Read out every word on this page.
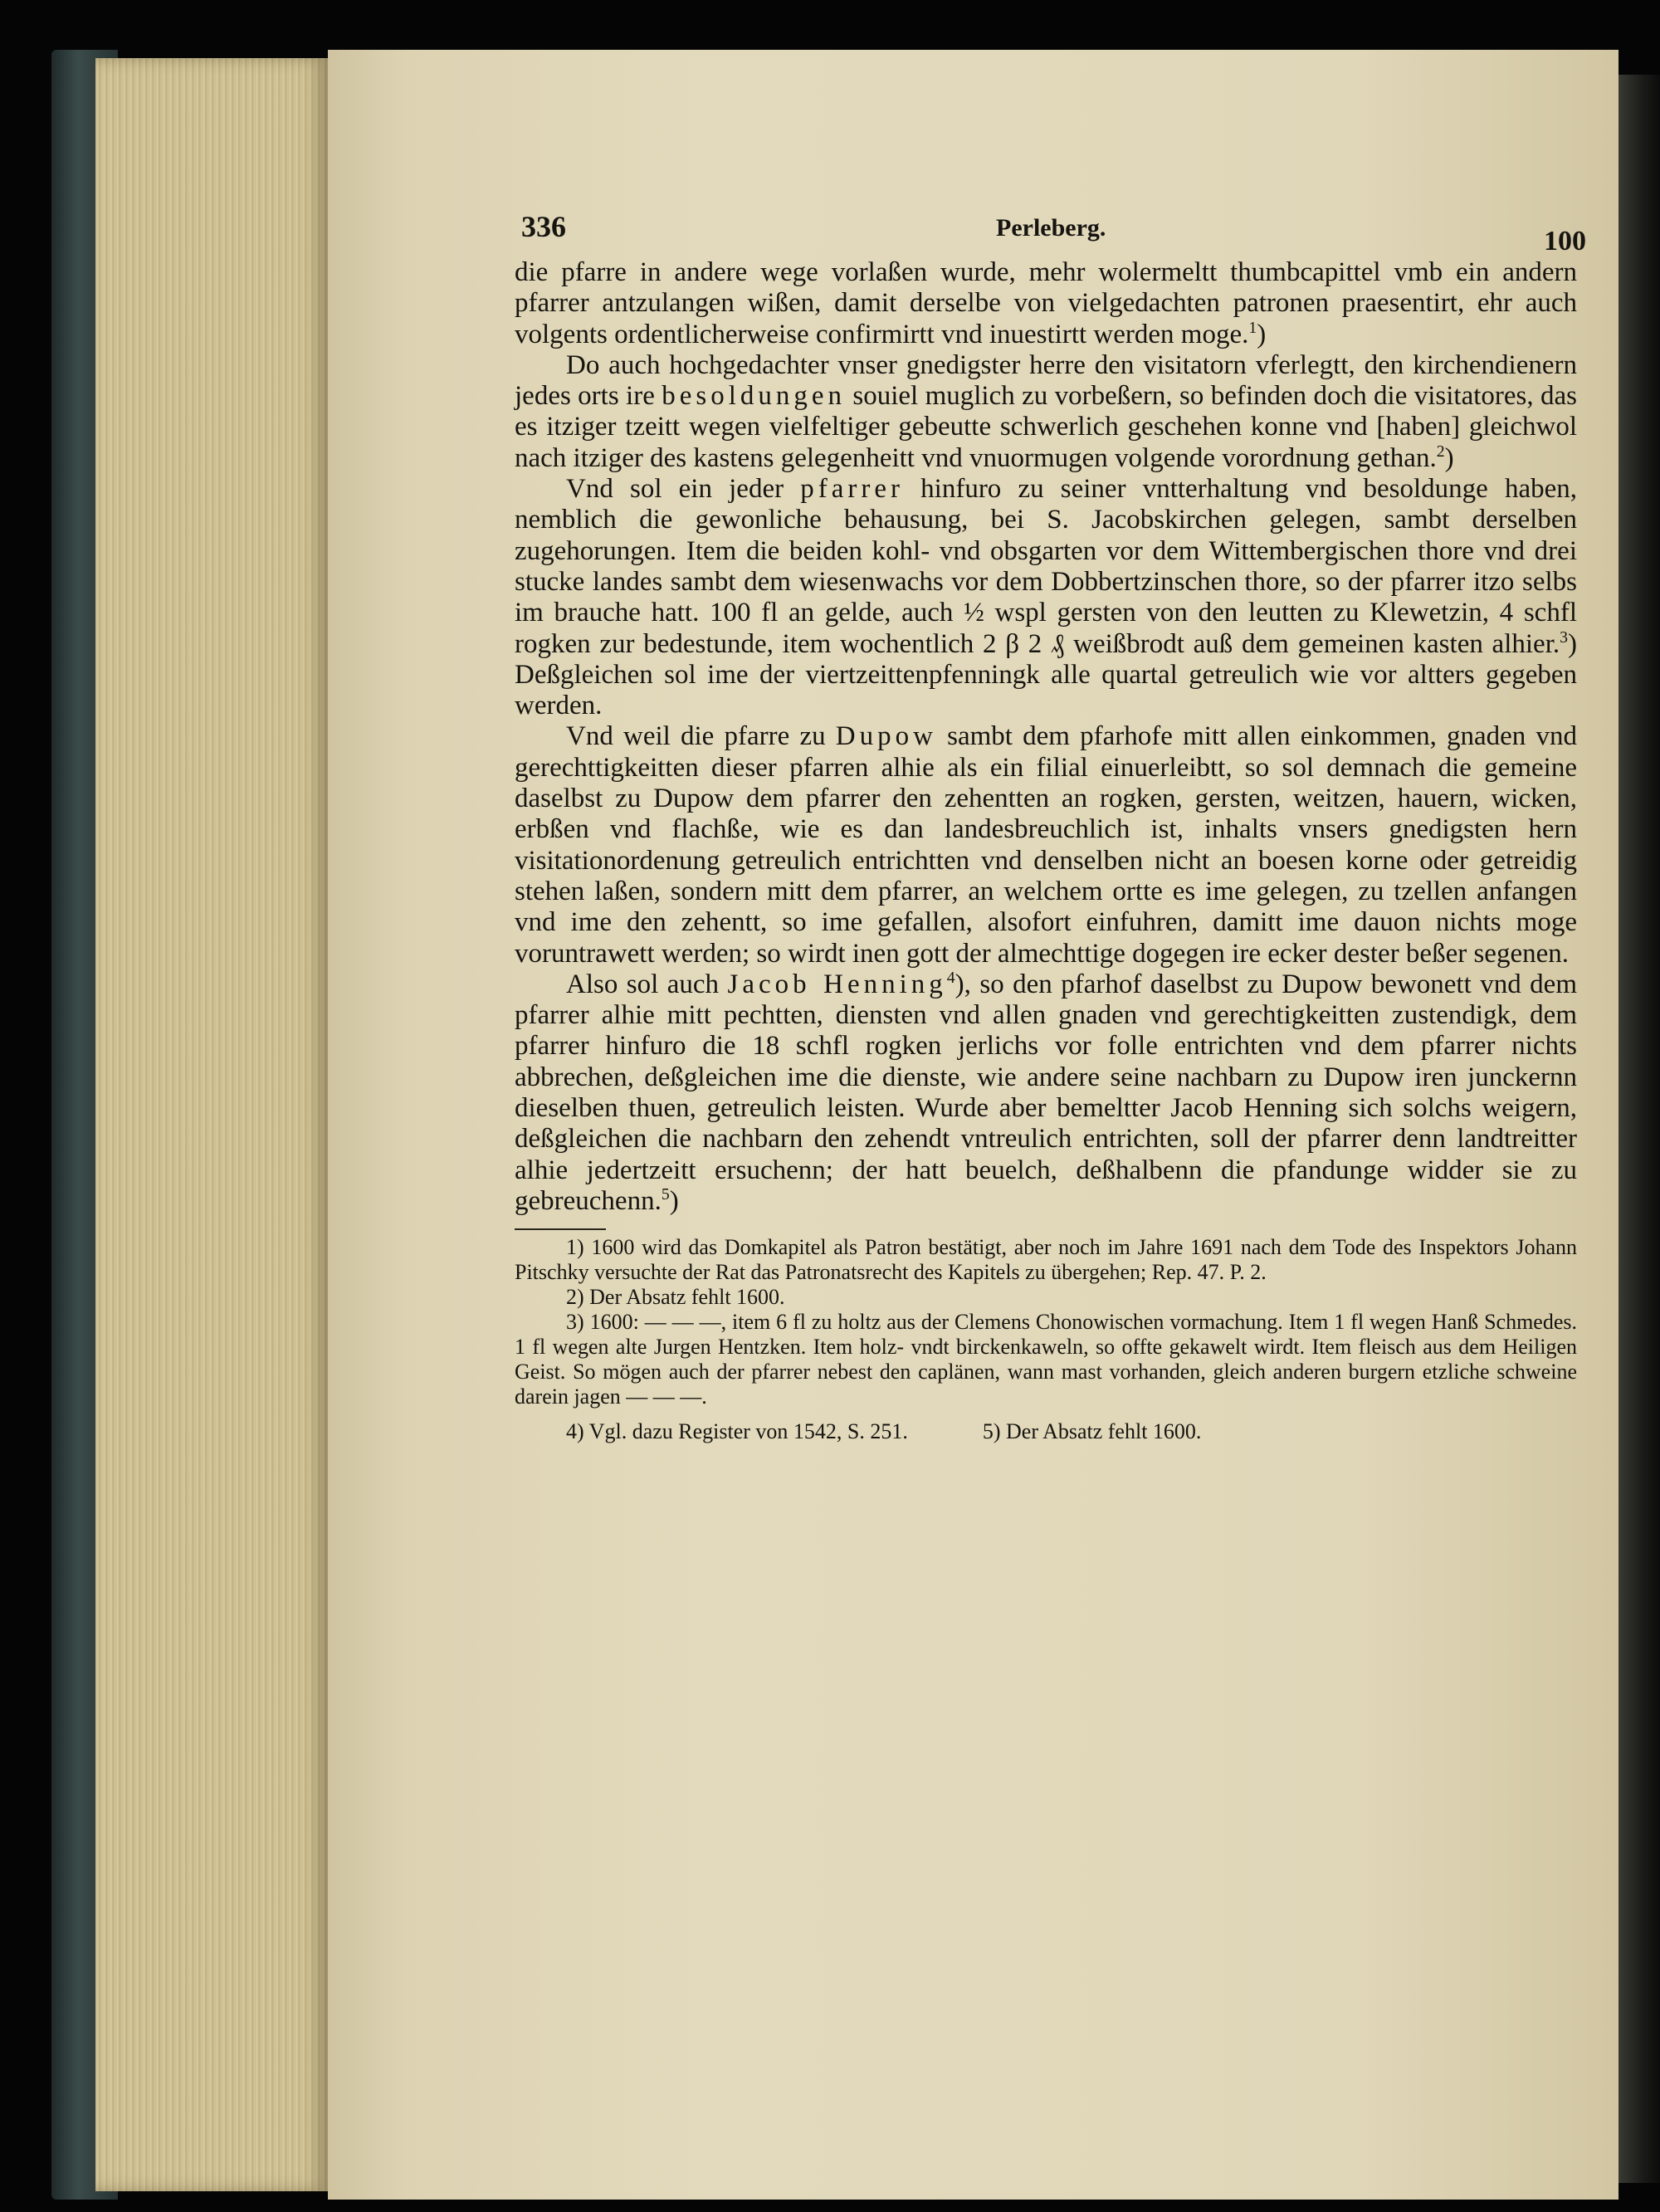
336	Perleberg.	100

die pfarre in andere wege vorlaßen wurde, mehr wolermeltt thumbcapittel vmb ein andern pfarrer antzulangen wißen, damit derselbe von vielgedachten patronen praesentirt, ehr auch volgents ordentlicherweise confirmirtt vnd inuestirtt werden moge.$^1$)

Do auch hochgedachter vnser gnedigster herre den visitatorn vferlegtt, den kirchendienern jedes orts ire besoldungen souiel muglich zu vorbeßern, so befinden doch die visitatores, das es itziger tzeitt wegen vielfeltiger gebeutte schwerlich geschehen konne vnd [haben] gleichwol nach itziger des kastens gelegenheitt vnd vnuormugen volgende vorordnung gethan.$^2$)

Vnd sol ein jeder pfarrer hinfuro zu seiner vntterhaltung vnd besoldunge haben, nemblich die gewonliche behausung, bei S. Jacobskirchen gelegen, sambt derselben zugehorungen. Item die beiden kohl- vnd obsgarten vor dem Wittembergischen thore vnd drei stucke landes sambt dem wiesenwachs vor dem Dobbertzinschen thore, so der pfarrer itzo selbs im brauche hatt. 100 fl an gelde, auch ½ wspl gersten von den leutten zu Klewetzin, 4 schfl rogken zur bedestunde, item wochentlich 2 β 2 ₰ weißbrodt auß dem gemeinen kasten alhier.$^3$) Deßgleichen sol ime der viertzeittenpfenningk alle quartal getreulich wie vor altters gegeben werden.

Vnd weil die pfarre zu Dupow sambt dem pfarhofe mitt allen einkommen, gnaden vnd gerechttigkeitten dieser pfarren alhie als ein filial einuerleibtt, so sol demnach die gemeine daselbst zu Dupow dem pfarrer den zehentten an rogken, gersten, weitzen, hauern, wicken, erbßen vnd flachße, wie es dan landesbreuchlich ist, inhalts vnsers gnedigsten hern visitationordenung getreulich entrichtten vnd denselben nicht an boesen korne oder getreidig stehen laßen, sondern mitt dem pfarrer, an welchem ortte es ime gelegen, zu tzellen anfangen vnd ime den zehentt, so ime gefallen, alsofort einfuhren, damitt ime dauon nichts moge voruntrawett werden; so wirdt inen gott der almechttige dogegen ire ecker dester beßer segenen.

Also sol auch Jacob Henning$^4$), so den pfarhof daselbst zu Dupow bewonett vnd dem pfarrer alhie mitt pechtten, diensten vnd allen gnaden vnd gerechtigkeitten zustendigk, dem pfarrer hinfuro die 18 schfl rogken jerlichs vor folle entrichten vnd dem pfarrer nichts abbrechen, deßgleichen ime die dienste, wie andere seine nachbarn zu Dupow iren junckernn dieselben thuen, getreulich leisten. Wurde aber bemeltter Jacob Henning sich solchs weigern, deßgleichen die nachbarn den zehendt vntreulich entrichten, soll der pfarrer denn landtreitter alhie jedertzeitt ersuchenn; der hatt beuelch, deßhalbenn die pfandunge widder sie zu gebreuchenn.$^5$)

1) 1600 wird das Domkapitel als Patron bestätigt, aber noch im Jahre 1691 nach dem Tode des Inspektors Johann Pitschky versuchte der Rat das Patronatsrecht des Kapitels zu übergehen; Rep. 47. P. 2.

2) Der Absatz fehlt 1600.

3) 1600: — — —, item 6 fl zu holtz aus der Clemens Chonowischen vormachung. Item 1 fl wegen Hanß Schmedes. 1 fl wegen alte Jurgen Hentzken. Item holz- vndt birckenkaweln, so offte gekawelt wirdt. Item fleisch aus dem Heiligen Geist. So mögen auch der pfarrer nebest den caplänen, wann mast vorhanden, gleich anderen burgern etzliche schweine darein jagen — — —.

4) Vgl. dazu Register von 1542, S. 251.	5) Der Absatz fehlt 1600.
